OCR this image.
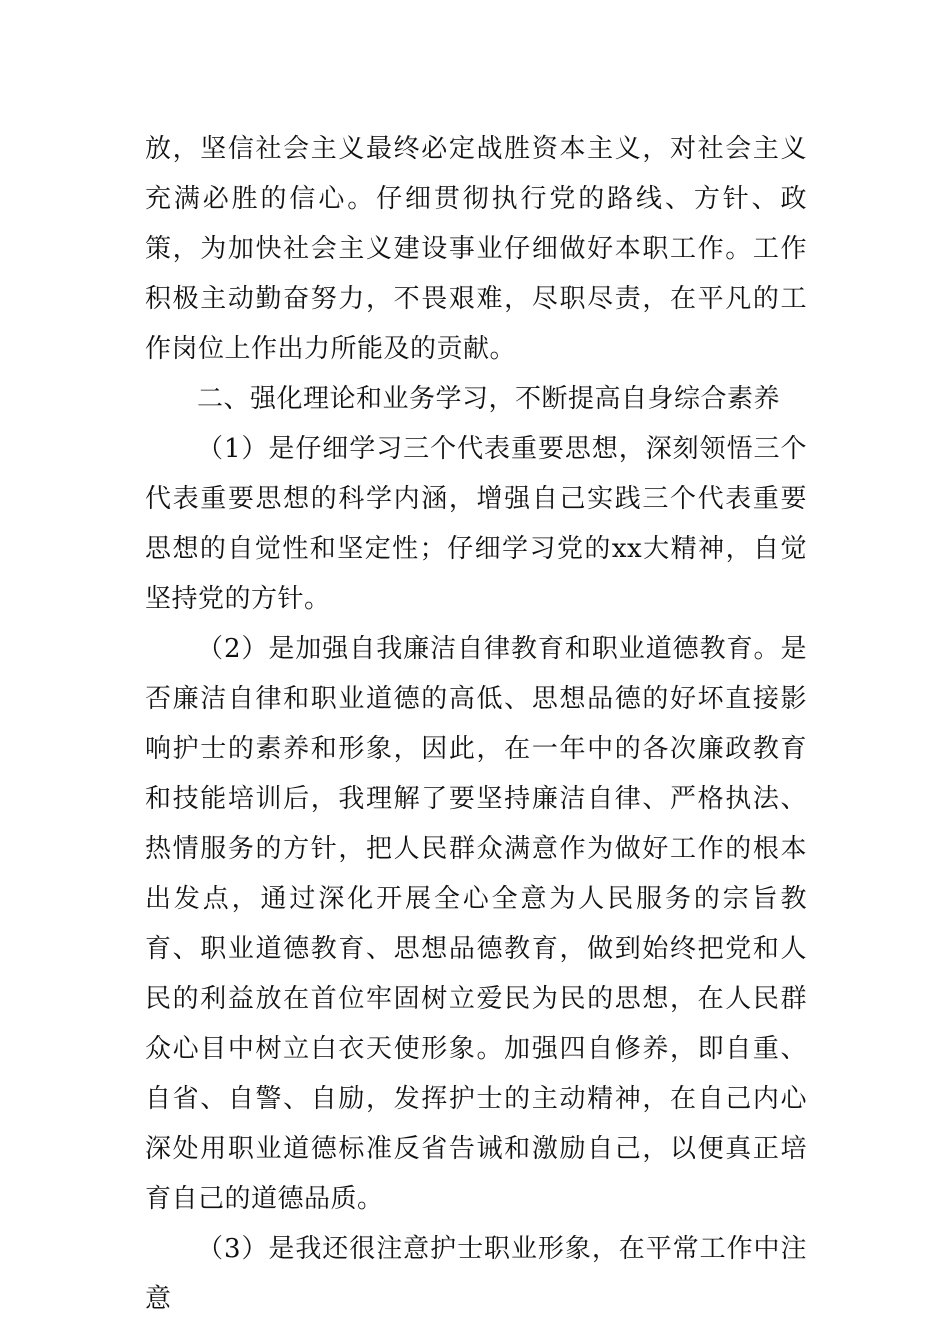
放，坚信社会主义最终必定战胜资本主义，对社会主义充满必胜的信心。仔细贯彻执行党的路线、方针、政策，为加快社会主义建设事业仔细做好本职工作。工作积极主动勤奋努力，不畏艰难，尽职尽责，在平凡的工作岗位上作出力所能及的贡献。

二、强化理论和业务学习，不断提高自身综合素养

（1）是仔细学习三个代表重要思想，深刻领悟三个代表重要思想的科学内涵，增强自己实践三个代表重要思想的自觉性和坚定性；仔细学习党的xx大精神，自觉坚持党的方针。

（2）是加强自我廉洁自律教育和职业道德教育。是否廉洁自律和职业道德的高低、思想品德的好坏直接影响护士的素养和形象，因此，在一年中的各次廉政教育和技能培训后，我理解了要坚持廉洁自律、严格执法、热情服务的方针，把人民群众满意作为做好工作的根本出发点，通过深化开展全心全意为人民服务的宗旨教育、职业道德教育、思想品德教育，做到始终把党和人民的利益放在首位牢固树立爱民为民的思想，在人民群众心目中树立白衣天使形象。加强四自修养，即自重、自省、自警、自励，发挥护士的主动精神，在自己内心深处用职业道德标准反省告诫和激励自己，以便真正培育自己的道德品质。

（3）是我还很注意护士职业形象，在平常工作中注意
